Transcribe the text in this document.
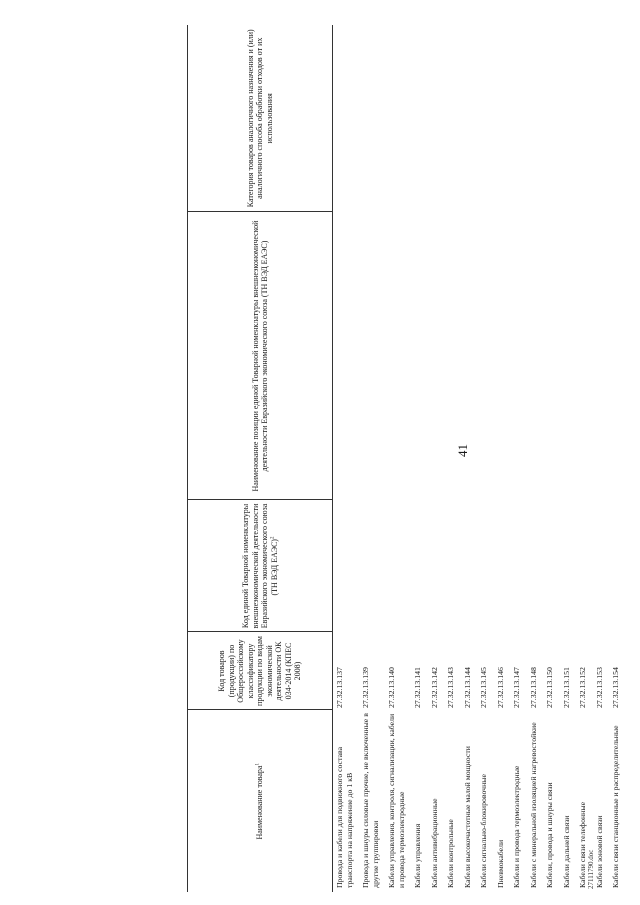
41
Наименование товара$^1$	Код товаров (продукции) по Общероссийскому классификатору продукции по видам экономической деятельности ОК 034-2014 (КПЕС 2008)	Код единой Товарной номенклатуры внешнеэкономической деятельности Евразийского экономического союза (ТН ВЭД ЕАЭС)$^2$	Наименование позиции единой Товарной номенклатуры внешнеэкономической деятельности Евразийского экономического союза (ТН ВЭД ЕАЭС)	Категория товаров аналогичного назначения и (или) аналогичного способа обработки отходов от их использования
Провода и кабели для подвижного состава транспорта на напряжение до 1 кВ	27.32.13.137			
Провода и шнуры силовые прочие, не включенные в другие группировки	27.32.13.139			
Кабели управления, контроля, сигнализации, кабели и провода термоэлектродные	27.32.13.140			
Кабели управления	27.32.13.141			
Кабели антивибрационные	27.32.13.142			
Кабели контрольные	27.32.13.143			
Кабели высокочастотные малой мощности	27.32.13.144			
Кабели сигнально-блокировочные	27.32.13.145			
Пневмокабели	27.32.13.146			
Кабели и провода термоэлектродные	27.32.13.147			
Кабели с минеральной изоляцией нагревостойкие	27.32.13.148			
Кабели, провода и шнуры связи	27.32.13.150			
Кабели дальней связи	27.32.13.151			
Кабели связи телефонные	27.32.13.152			
Кабели зоновой связи	27.32.13.153			
Кабели связи станционные и распределительные	27.32.13.154			
27111790.doc
